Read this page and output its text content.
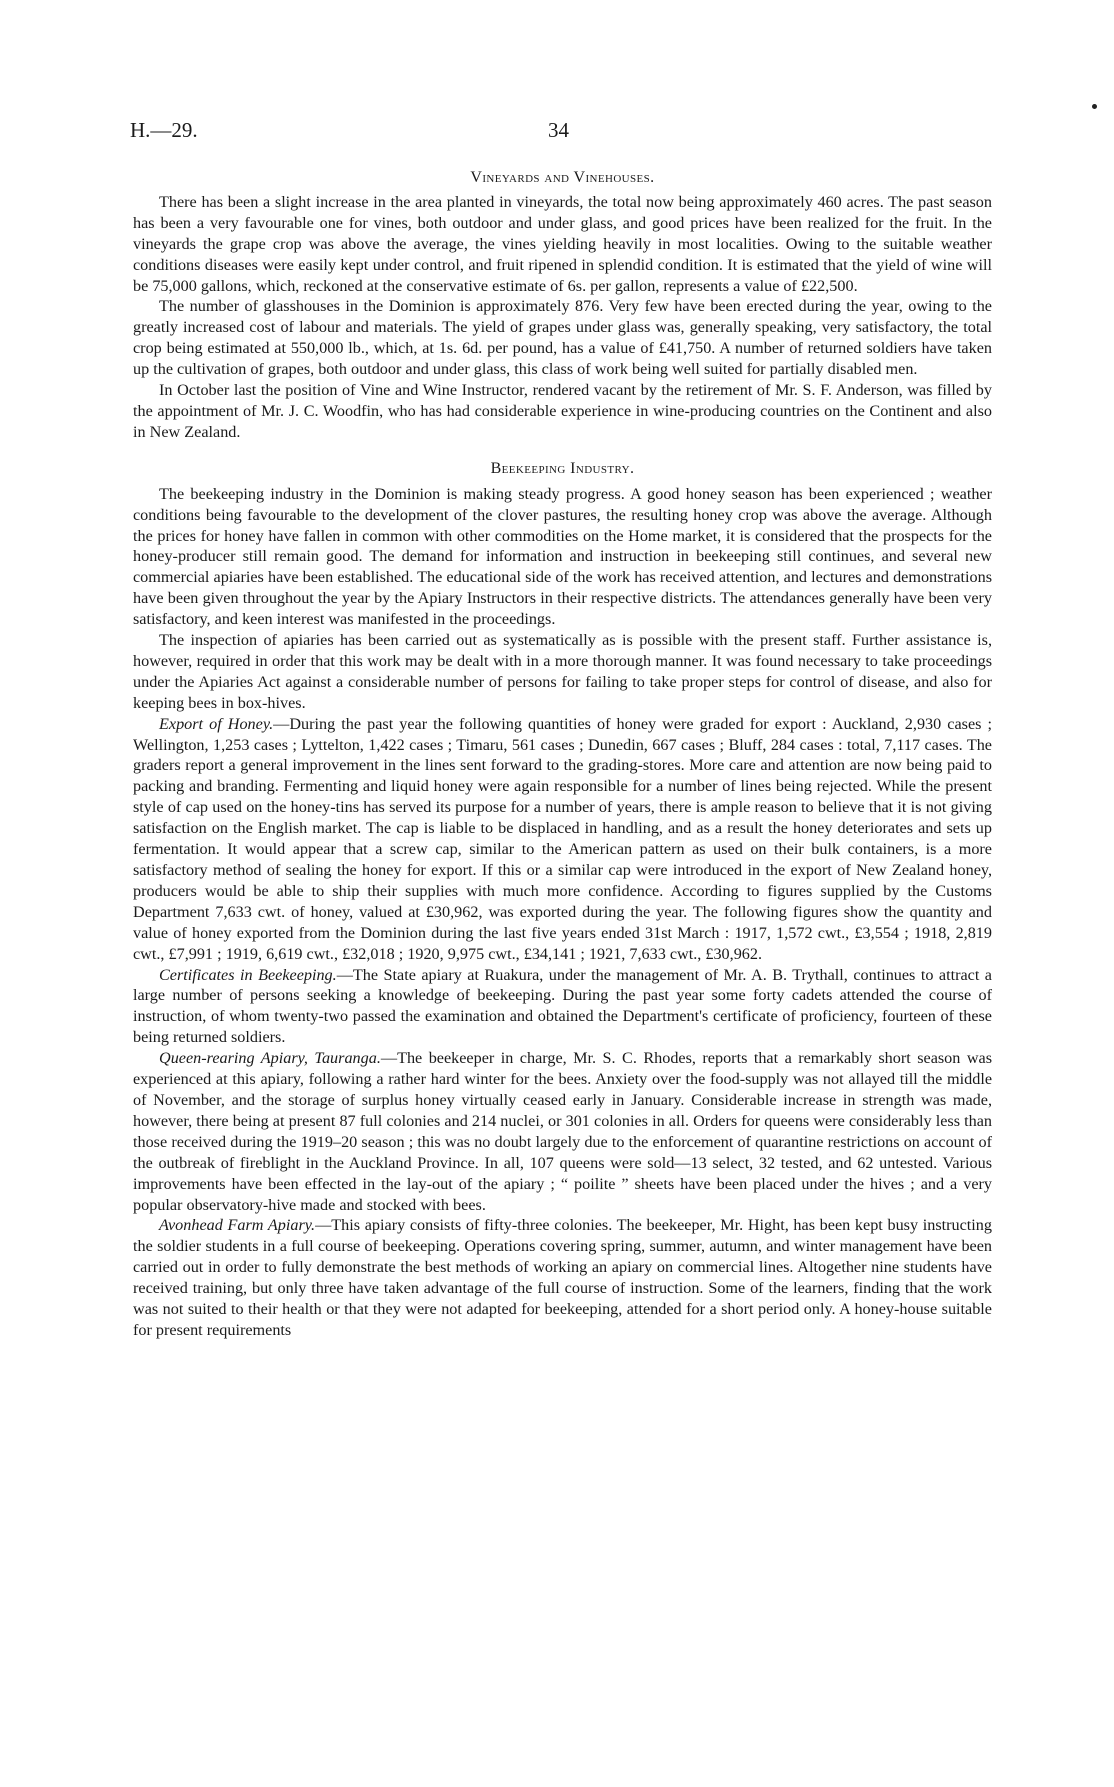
H.—29.	34
Vineyards and Vinehouses.

There has been a slight increase in the area planted in vineyards, the total now being approximately 460 acres. The past season has been a very favourable one for vines, both outdoor and under glass, and good prices have been realized for the fruit. In the vineyards the grape crop was above the average, the vines yielding heavily in most localities. Owing to the suitable weather conditions diseases were easily kept under control, and fruit ripened in splendid condition. It is estimated that the yield of wine will be 75,000 gallons, which, reckoned at the conservative estimate of 6s. per gallon, represents a value of £22,500.

The number of glasshouses in the Dominion is approximately 876. Very few have been erected during the year, owing to the greatly increased cost of labour and materials. The yield of grapes under glass was, generally speaking, very satisfactory, the total crop being estimated at 550,000 lb., which, at 1s. 6d. per pound, has a value of £41,750. A number of returned soldiers have taken up the cultivation of grapes, both outdoor and under glass, this class of work being well suited for partially disabled men.

In October last the position of Vine and Wine Instructor, rendered vacant by the retirement of Mr. S. F. Anderson, was filled by the appointment of Mr. J. C. Woodfin, who has had considerable experience in wine-producing countries on the Continent and also in New Zealand.

Beekeeping Industry.

The beekeeping industry in the Dominion is making steady progress. A good honey season has been experienced ; weather conditions being favourable to the development of the clover pastures, the resulting honey crop was above the average. Although the prices for honey have fallen in common with other commodities on the Home market, it is considered that the prospects for the honey-producer still remain good. The demand for information and instruction in beekeeping still continues, and several new commercial apiaries have been established. The educational side of the work has received attention, and lectures and demonstrations have been given throughout the year by the Apiary Instructors in their respective districts. The attendances generally have been very satisfactory, and keen interest was manifested in the proceedings.

The inspection of apiaries has been carried out as systematically as is possible with the present staff. Further assistance is, however, required in order that this work may be dealt with in a more thorough manner. It was found necessary to take proceedings under the Apiaries Act against a considerable number of persons for failing to take proper steps for control of disease, and also for keeping bees in box-hives.

Export of Honey.—During the past year the following quantities of honey were graded for export : Auckland, 2,930 cases ; Wellington, 1,253 cases ; Lyttelton, 1,422 cases ; Timaru, 561 cases ; Dunedin, 667 cases ; Bluff, 284 cases : total, 7,117 cases. The graders report a general improvement in the lines sent forward to the grading-stores. More care and attention are now being paid to packing and branding. Fermenting and liquid honey were again responsible for a number of lines being rejected. While the present style of cap used on the honey-tins has served its purpose for a number of years, there is ample reason to believe that it is not giving satisfaction on the English market. The cap is liable to be displaced in handling, and as a result the honey deteriorates and sets up fermentation. It would appear that a screw cap, similar to the American pattern as used on their bulk containers, is a more satisfactory method of sealing the honey for export. If this or a similar cap were introduced in the export of New Zealand honey, producers would be able to ship their supplies with much more confidence. According to figures supplied by the Customs Department 7,633 cwt. of honey, valued at £30,962, was exported during the year. The following figures show the quantity and value of honey exported from the Dominion during the last five years ended 31st March : 1917, 1,572 cwt., £3,554 ; 1918, 2,819 cwt., £7,991 ; 1919, 6,619 cwt., £32,018 ; 1920, 9,975 cwt., £34,141 ; 1921, 7,633 cwt., £30,962.

Certificates in Beekeeping.—The State apiary at Ruakura, under the management of Mr. A. B. Trythall, continues to attract a large number of persons seeking a knowledge of beekeeping. During the past year some forty cadets attended the course of instruction, of whom twenty-two passed the examination and obtained the Department's certificate of proficiency, fourteen of these being returned soldiers.

Queen-rearing Apiary, Tauranga.—The beekeeper in charge, Mr. S. C. Rhodes, reports that a remarkably short season was experienced at this apiary, following a rather hard winter for the bees. Anxiety over the food-supply was not allayed till the middle of November, and the storage of surplus honey virtually ceased early in January. Considerable increase in strength was made, however, there being at present 87 full colonies and 214 nuclei, or 301 colonies in all. Orders for queens were considerably less than those received during the 1919–20 season ; this was no doubt largely due to the enforcement of quarantine restrictions on account of the outbreak of fireblight in the Auckland Province. In all, 107 queens were sold—13 select, 32 tested, and 62 untested. Various improvements have been effected in the lay-out of the apiary ; “ poilite ” sheets have been placed under the hives ; and a very popular observatory-hive made and stocked with bees.

Avonhead Farm Apiary.—This apiary consists of fifty-three colonies. The beekeeper, Mr. Hight, has been kept busy instructing the soldier students in a full course of beekeeping. Operations covering spring, summer, autumn, and winter management have been carried out in order to fully demonstrate the best methods of working an apiary on commercial lines. Altogether nine students have received training, but only three have taken advantage of the full course of instruction. Some of the learners, finding that the work was not suited to their health or that they were not adapted for beekeeping, attended for a short period only. A honey-house suitable for present requirements
